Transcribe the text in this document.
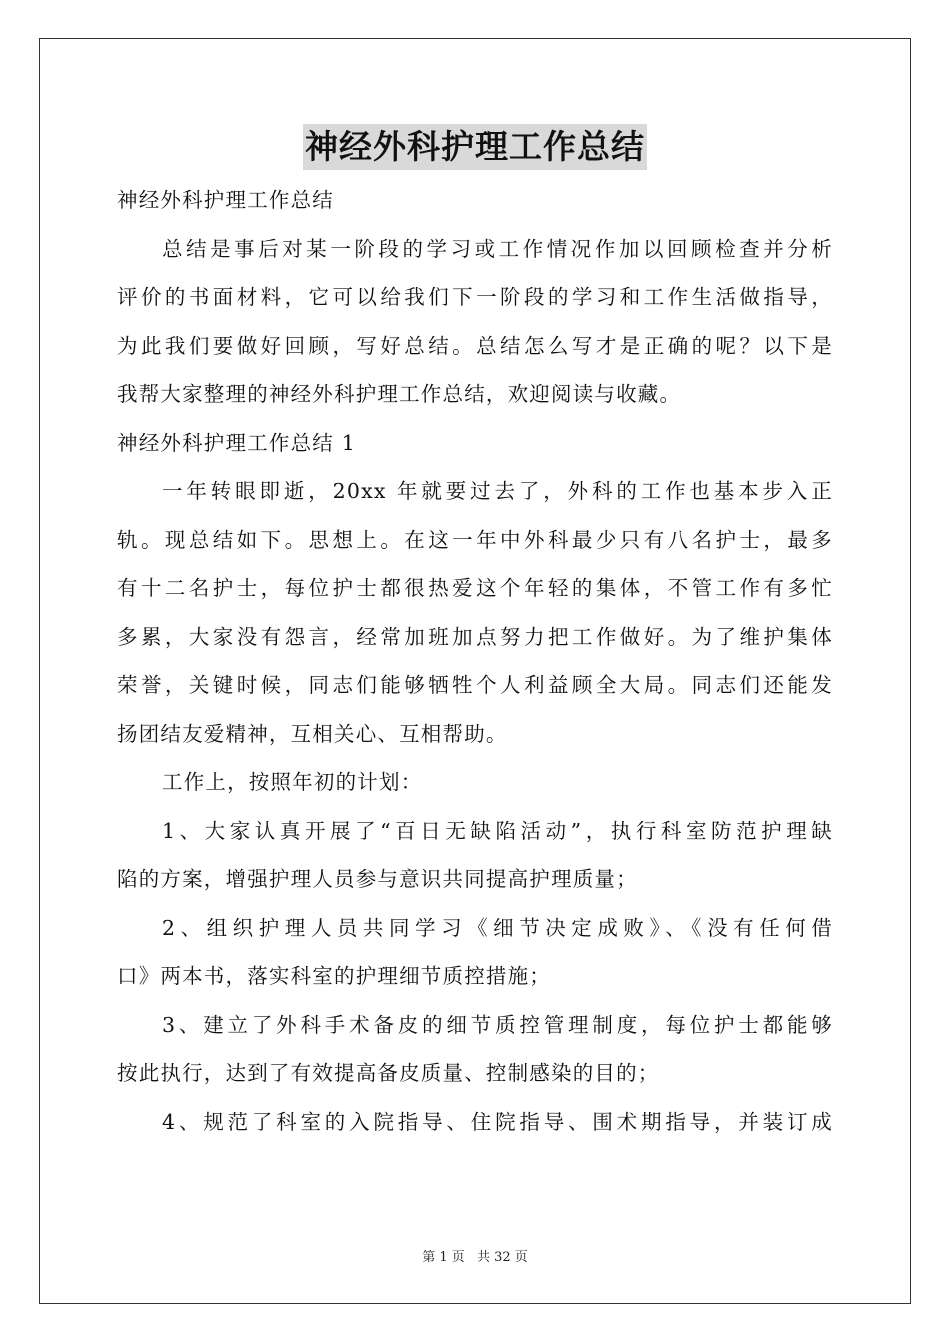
神经外科护理工作总结
神经外科护理工作总结
总结是事后对某一阶段的学习或工作情况作加以回顾检查并分析
评价的书面材料，它可以给我们下一阶段的学习和工作生活做指导，
为此我们要做好回顾，写好总结。总结怎么写才是正确的呢？以下是
我帮大家整理的神经外科护理工作总结，欢迎阅读与收藏。
神经外科护理工作总结 1
一年转眼即逝，20xx 年就要过去了，外科的工作也基本步入正
轨。现总结如下。思想上。在这一年中外科最少只有八名护士，最多
有十二名护士，每位护士都很热爱这个年轻的集体，不管工作有多忙
多累，大家没有怨言，经常加班加点努力把工作做好。为了维护集体
荣誉，关键时候，同志们能够牺牲个人利益顾全大局。同志们还能发
扬团结友爱精神，互相关心、互相帮助。
工作上，按照年初的计划：
1、大家认真开展了“百日无缺陷活动”，执行科室防范护理缺
陷的方案，增强护理人员参与意识共同提高护理质量；
2、组织护理人员共同学习《细节决定成败》、《没有任何借
口》两本书，落实科室的护理细节质控措施；
3、建立了外科手术备皮的细节质控管理制度，每位护士都能够
按此执行，达到了有效提高备皮质量、控制感染的目的；
4、规范了科室的入院指导、住院指导、围术期指导，并装订成
第 1 页 共 32 页
